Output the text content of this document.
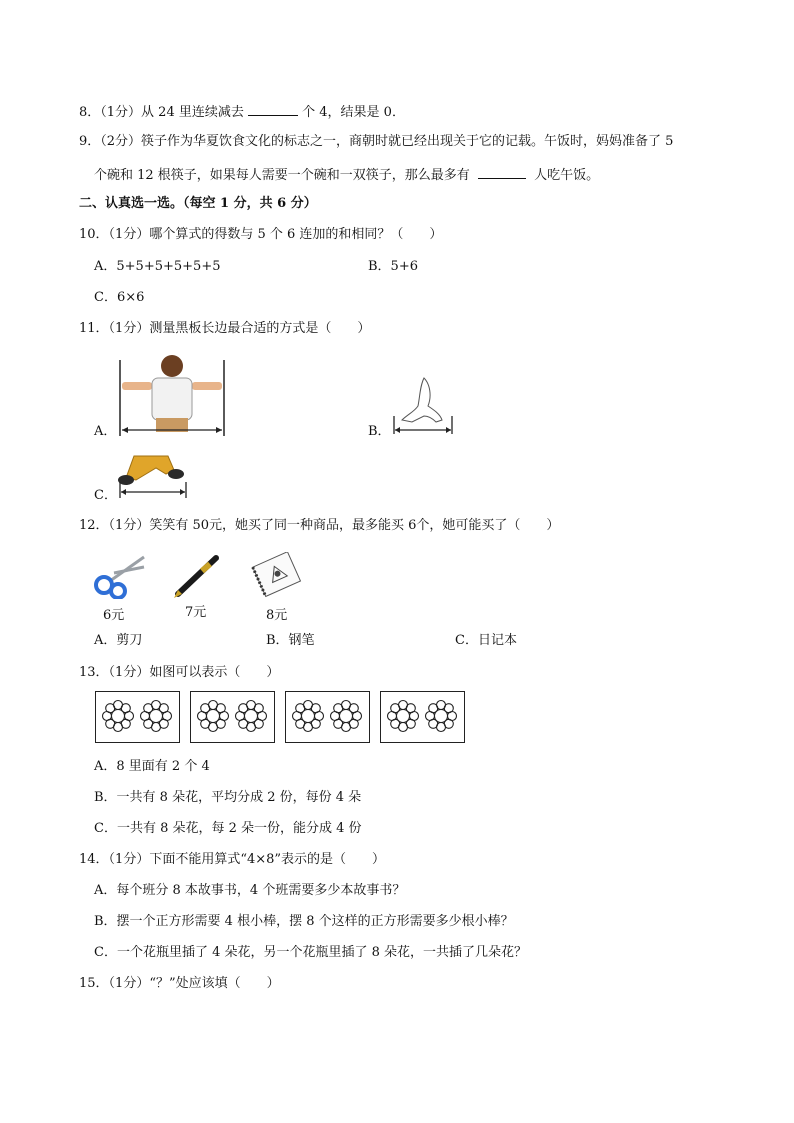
8．（1分）从 24 里连续减去	个 4，结果是 0．
9．（2分）筷子作为华夏饮食文化的标志之一，商朝时就已经出现关于它的记载。午饭时，妈妈准备了 5
个碗和 12 根筷子，如果每人需要一个碗和一双筷子，那么最多有	人吃午饭。
二、认真选一选。（每空 1 分，共 6 分）
10．（1分）哪个算式的得数与 5 个 6 连加的和相同？（　　）
A．5+5+5+5+5+5	B．5+6
C．6×6
11．（1分）测量黑板长边最合适的方式是（　　）
A．	B．
C．
12．（1分）笑笑有 50元，她买了同一种商品，最多能买 6个，她可能买了（　　）
6元	7元	8元
A．剪刀	B．钢笔	C．日记本
13．（1分）如图可以表示（　　）
A．8 里面有 2 个 4
B．一共有 8 朵花，平均分成 2 份，每份 4 朵
C．一共有 8 朵花，每 2 朵一份，能分成 4 份
14．（1分）下面不能用算式“4×8”表示的是（　　）
A．每个班分 8 本故事书，4 个班需要多少本故事书？
B．摆一个正方形需要 4 根小棒，摆 8 个这样的正方形需要多少根小棒？
C．一个花瓶里插了 4 朵花，另一个花瓶里插了 8 朵花，一共插了几朵花？
15．（1分）“？”处应该填（　　）
